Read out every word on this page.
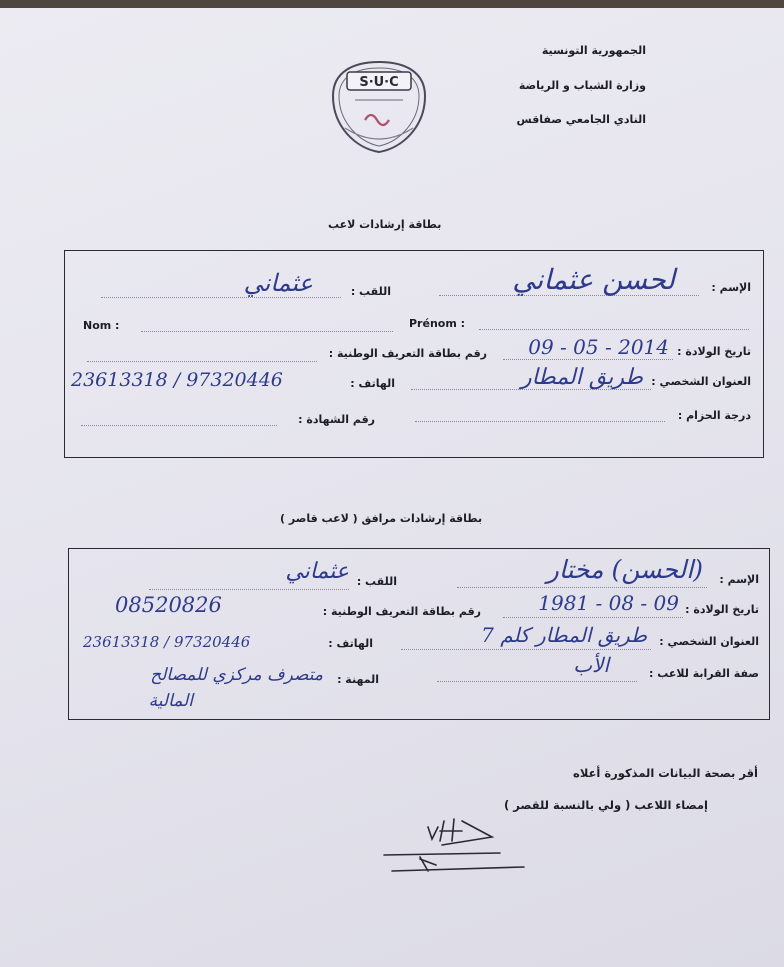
الجمهورية التونسية
وزارة الشباب و الرياضة
النادي الجامعي صفاقس
S·U·C
بطاقة إرشادات لاعب
الإسم :
لحسن عثماني
اللقب :
عثماني
Nom :	Prénom :
تاريخ الولادة :
09 - 05 - 2014
رقم بطاقة التعريف الوطنية :
العنوان الشخصي :
طريق المطار
الهاتف :
23613318 / 97320446
درجة الحزام :
رقم الشهادة :
بطاقة إرشادات مرافق ( لاعب قاصر )
الإسم :
(الحسن) مختار
اللقب :
عثماني
تاريخ الولادة :
1981 - 08 - 09
رقم بطاقة التعريف الوطنية :
08520826
العنوان الشخصي :
طريق المطار كلم 7
الهاتف :
23613318 / 97320446
صفة القرابة للاعب :
الأب
المهنة :
متصرف مركزي للمصالح
المالية
أقر بصحة البيانات المذكورة أعلاه
إمضاء اللاعب ( ولي بالنسبة للقصر )
